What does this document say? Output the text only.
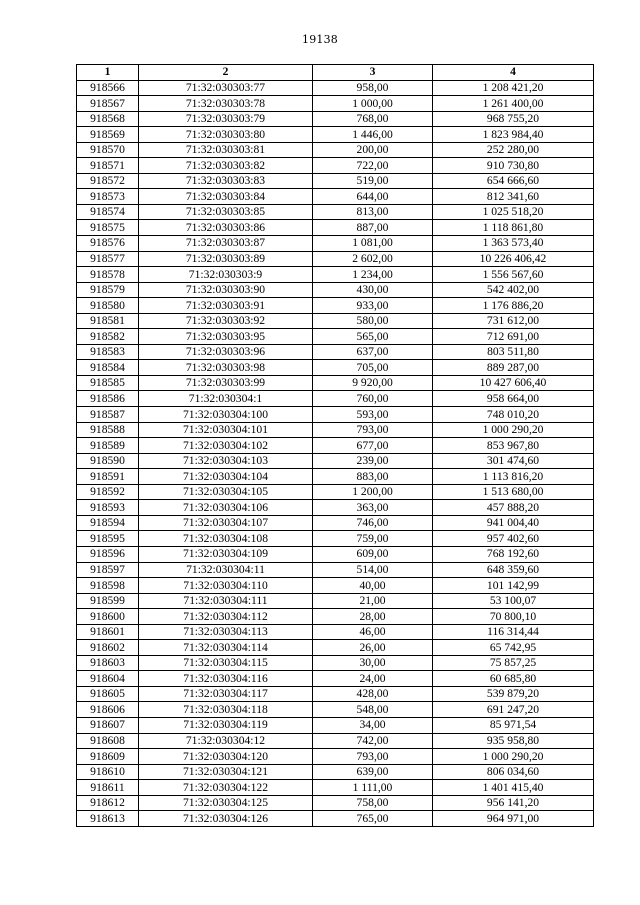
19138
1	2	3	4
918566	71:32:030303:77	958,00	1 208 421,20
918567	71:32:030303:78	1 000,00	1 261 400,00
918568	71:32:030303:79	768,00	968 755,20
918569	71:32:030303:80	1 446,00	1 823 984,40
918570	71:32:030303:81	200,00	252 280,00
918571	71:32:030303:82	722,00	910 730,80
918572	71:32:030303:83	519,00	654 666,60
918573	71:32:030303:84	644,00	812 341,60
918574	71:32:030303:85	813,00	1 025 518,20
918575	71:32:030303:86	887,00	1 118 861,80
918576	71:32:030303:87	1 081,00	1 363 573,40
918577	71:32:030303:89	2 602,00	10 226 406,42
918578	71:32:030303:9	1 234,00	1 556 567,60
918579	71:32:030303:90	430,00	542 402,00
918580	71:32:030303:91	933,00	1 176 886,20
918581	71:32:030303:92	580,00	731 612,00
918582	71:32:030303:95	565,00	712 691,00
918583	71:32:030303:96	637,00	803 511,80
918584	71:32:030303:98	705,00	889 287,00
918585	71:32:030303:99	9 920,00	10 427 606,40
918586	71:32:030304:1	760,00	958 664,00
918587	71:32:030304:100	593,00	748 010,20
918588	71:32:030304:101	793,00	1 000 290,20
918589	71:32:030304:102	677,00	853 967,80
918590	71:32:030304:103	239,00	301 474,60
918591	71:32:030304:104	883,00	1 113 816,20
918592	71:32:030304:105	1 200,00	1 513 680,00
918593	71:32:030304:106	363,00	457 888,20
918594	71:32:030304:107	746,00	941 004,40
918595	71:32:030304:108	759,00	957 402,60
918596	71:32:030304:109	609,00	768 192,60
918597	71:32:030304:11	514,00	648 359,60
918598	71:32:030304:110	40,00	101 142,99
918599	71:32:030304:111	21,00	53 100,07
918600	71:32:030304:112	28,00	70 800,10
918601	71:32:030304:113	46,00	116 314,44
918602	71:32:030304:114	26,00	65 742,95
918603	71:32:030304:115	30,00	75 857,25
918604	71:32:030304:116	24,00	60 685,80
918605	71:32:030304:117	428,00	539 879,20
918606	71:32:030304:118	548,00	691 247,20
918607	71:32:030304:119	34,00	85 971,54
918608	71:32:030304:12	742,00	935 958,80
918609	71:32:030304:120	793,00	1 000 290,20
918610	71:32:030304:121	639,00	806 034,60
918611	71:32:030304:122	1 111,00	1 401 415,40
918612	71:32:030304:125	758,00	956 141,20
918613	71:32:030304:126	765,00	964 971,00
